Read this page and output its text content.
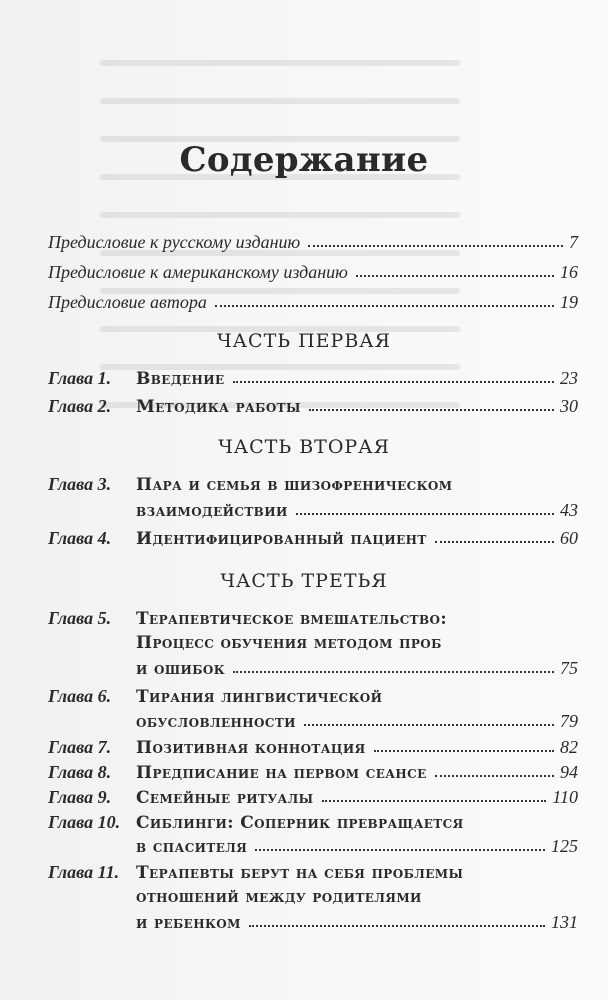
Содержание
Предисловие к русскому изданию	7
Предисловие к американскому изданию	16
Предисловие автора	19
ЧАСТЬ ПЕРВАЯ
Глава 1.	Введение	23
Глава 2.	Методика работы	30
ЧАСТЬ ВТОРАЯ
Глава 3.	Пара и семья в шизофреническом
взаимодействии	43
Глава 4.	Идентифицированный пациент	60
ЧАСТЬ ТРЕТЬЯ
Глава 5.	Терапевтическое вмешательство:
Процесс обучения методом проб
и ошибок	75
Глава 6.	Тирания лингвистической
обусловленности	79
Глава 7.	Позитивная коннотация	82
Глава 8.	Предписание на первом сеансе	94
Глава 9.	Семейные ритуалы	110
Глава 10. Сиблинги: Соперник превращается
в спасителя	125
Глава 11. Терапевты берут на себя проблемы
отношений между родителями
и ребенком	131
